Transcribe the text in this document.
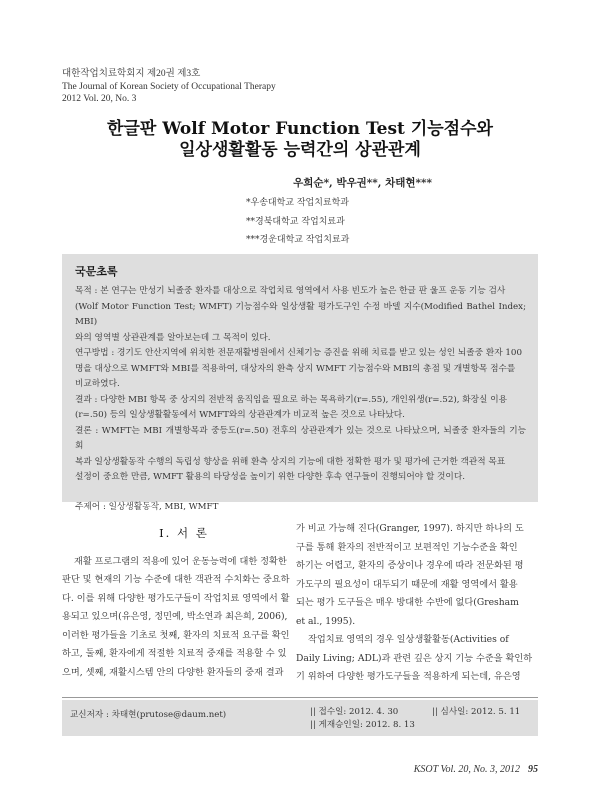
대한작업치료학회지 제20권 제3호
The Journal of Korean Society of Occupational Therapy
2012 Vol. 20, No. 3
한글판 Wolf Motor Function Test 기능점수와
일상생활활동 능력간의 상관관계
우희순*, 박우권**, 차태현***
*우송대학교 작업치료학과
**경북대학교 작업치료과
***경운대학교 작업치료과
국문초록

목적 : 본 연구는 만성기 뇌졸중 환자를 대상으로 작업치료 영역에서 사용 빈도가 높은 한글 판 울프 운동 기능 검사
(Wolf Motor Function Test; WMFT) 기능점수와 일상생활 평가도구인 수정 바델 지수(Modified Bathel Index; MBI)
와의 영역별 상관관계를 알아보는데 그 목적이 있다.

연구방법 : 경기도 안산지역에 위치한 전문재활병원에서 신체기능 증진을 위해 치료를 받고 있는 성인 뇌졸중 환자 100
명을 대상으로 WMFT와 MBI를 적용하여, 대상자의 환측 상지 WMFT 기능점수와 MBI의 총점 및 개별항목 점수를
비교하였다.

결과 : 다양한 MBI 항목 중 상지의 전반적 움직임을 필요로 하는 목욕하기(r=.55), 개인위생(r=.52), 화장실 이용
(r=.50) 등의 일상생활활동에서 WMFT와의 상관관계가 비교적 높은 것으로 나타났다.

결론 : WMFT는 MBI 개별항목과 중등도(r=.50) 전후의 상관관계가 있는 것으로 나타났으며, 뇌졸중 환자들의 기능 회
복과 일상생활동작 수행의 독립성 향상을 위해 환측 상지의 기능에 대한 정확한 평가 및 평가에 근거한 객관적 목표
설정이 중요한 만큼, WMFT 활용의 타당성을 높이기 위한 다양한 후속 연구들이 진행되어야 할 것이다.

주제어 : 일상생활동작, MBI, WMFT

Ⅰ. 서 론

재활 프로그램의 적용에 있어 운동능력에 대한 정확한
판단 및 현재의 기능 수준에 대한 객관적 수치화는 중요하
다. 이를 위해 다양한 평가도구들이 작업치료 영역에서 활
용되고 있으며(유은영, 정민예, 박소연과 최은희, 2006),
이러한 평가들을 기초로 첫째, 환자의 치료적 요구를 확인
하고, 둘째, 환자에게 적절한 치료적 중재를 적용할 수 있
으며, 셋째, 재활시스템 안의 다양한 환자들의 중재 결과

가 비교 가능해 진다(Granger, 1997). 하지만 하나의 도
구를 통해 환자의 전반적이고 보편적인 기능수준을 확인
하기는 어렵고, 환자의 증상이나 경우에 따라 전문화된 평
가도구의 필요성이 대두되기 때문에 재활 영역에서 활용
되는 평가 도구들은 매우 방대한 수반에 없다(Gresham
et al., 1995).

작업치료 영역의 경우 일상생활활동(Activities of
Daily Living; ADL)과 관련 깊은 상지 기능 수준을 확인하
기 위하여 다양한 평가도구들을 적용하게 되는데, 유은영

교신저자 : 차태현(prutose@daum.net)	|| 접수일: 2012. 4. 30	|| 심사일: 2012. 5. 11
|| 게재승인일: 2012. 8. 13
KSOT Vol. 20, No. 3, 2012 95
